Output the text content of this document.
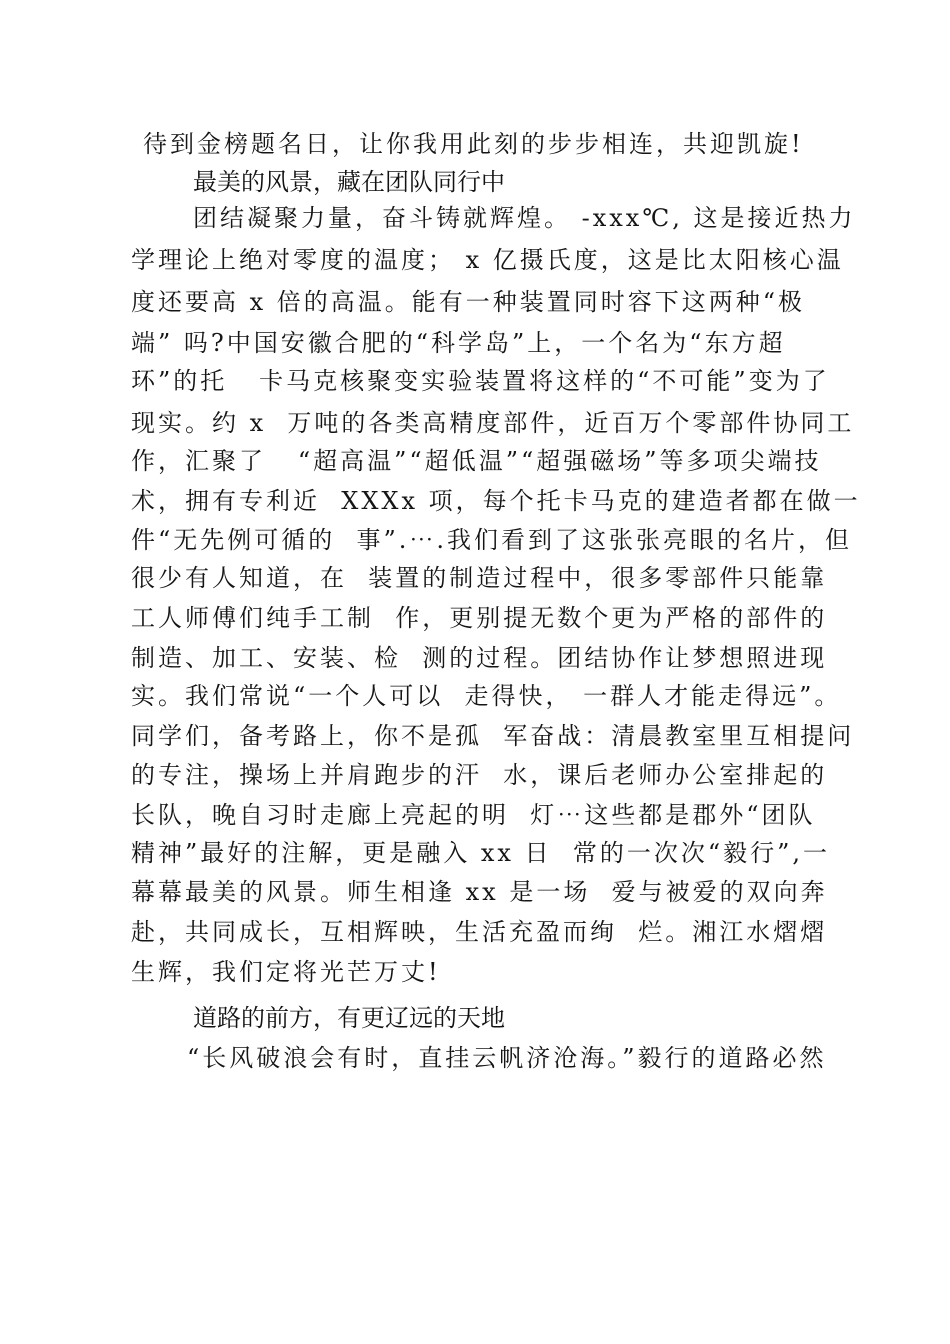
待到金榜题名日，让你我用此刻的步步相连，共迎凯旋!
最美的风景，藏在团队同行中
团结凝聚力量，奋斗铸就辉煌。 -xxx℃, 这是接近热力
学理论上绝对零度的温度； x 亿摄氏度，这是比太阳核心温
度还要高 x 倍的高温。能有一种装置同时容下这两种“极
端” 吗?中国安徽合肥的“科学岛”上，一个名为“东方超
环”的托   卡马克核聚变实验装置将这样的“不可能”变为了
现实。约 x  万吨的各类高精度部件，近百万个零部件协同工
作，汇聚了   “超高温”“超低温”“超强磁场”等多项尖端技
术，拥有专利近  XXXx 项，每个托卡马克的建造者都在做一
件“无先例可循的  事”.⋯.我们看到了这张张亮眼的名片，但
很少有人知道，在  装置的制造过程中，很多零部件只能靠
工人师傅们纯手工制  作，更别提无数个更为严格的部件的
制造、加工、安装、检  测的过程。团结协作让梦想照进现
实。我们常说“一个人可以  走得快， 一群人才能走得远”。
同学们，备考路上，你不是孤  军奋战：清晨教室里互相提问
的专注，操场上并肩跑步的汗  水，课后老师办公室排起的
长队，晚自习时走廊上亮起的明  灯⋯这些都是郡外“团队
精神”最好的注解，更是融入 xx 日  常的一次次“毅行”,一
幕幕最美的风景。师生相逢 xx 是一场  爱与被爱的双向奔
赴，共同成长，互相辉映，生活充盈而绚  烂。湘江水熠熠
生辉，我们定将光芒万丈!
道路的前方，有更辽远的天地
“长风破浪会有时，直挂云帆济沧海。”毅行的道路必然
